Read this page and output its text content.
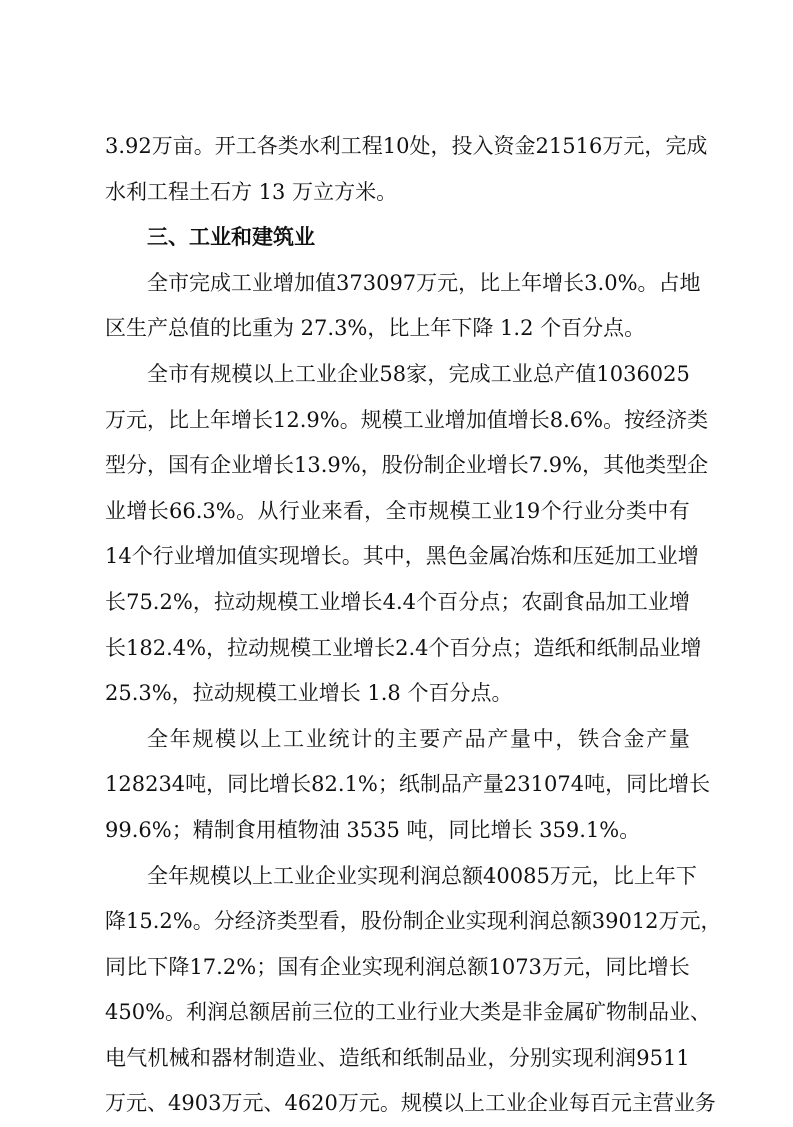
3.92 万 亩 。 开 工 各 类 水 利 工 程 10 处 ， 投 入 资 金 21516 万 元 ， 完 成
水利工程土石方 13 万立方米。
三、工业和建筑业
全 市 完 成 工 业 增 加 值 373097 万 元 ， 比 上 年 增 长 3.0% 。 占 地
区生产总值的比重为 27.3%，比上年下降 1.2 个百分点。
全 市 有 规 模 以 上 工 业 企 业 58 家 ， 完 成 工 业 总 产 值 1036025
万 元 ， 比 上 年 增 长 12.9% 。 规 模 工 业 增 加 值 增 长 8.6% 。 按 经 济 类
型 分 ， 国 有 企 业 增 长 13.9% ， 股 份 制 企 业 增 长 7.9% ， 其 他 类 型 企
业 增 长 66.3% 。 从 行 业 来 看 ， 全 市 规 模 工 业 19 个 行 业 分 类 中 有
14 个 行 业 增 加 值 实 现 增 长 。 其 中 ， 黑 色 金 属 冶 炼 和 压 延 加 工 业 增
长 75.2% ， 拉 动 规 模 工 业 增 长 4.4 个 百 分 点 ； 农 副 食 品 加 工 业 增
长 182.4% ， 拉 动 规 模 工 业 增 长 2.4 个 百 分 点 ； 造 纸 和 纸 制 品 业 增
25.3%，拉动规模工业增长 1.8 个百分点。
全 年 规 模 以 上 工 业 统 计 的 主 要 产 品 产 量 中 ， 铁 合 金 产 量
128234 吨 ， 同 比 增 长 82.1% ； 纸 制 品 产 量 231074 吨 ， 同 比 增 长
99.6%；精制食用植物油 3535 吨，同比增长 359.1%。
全 年 规 模 以 上 工 业 企 业 实 现 利 润 总 额 40085 万 元 ， 比 上 年 下
降 15.2% 。 分 经 济 类 型 看 ， 股 份 制 企 业 实 现 利 润 总 额 39012 万 元 ，
同 比 下 降 17.2% ； 国 有 企 业 实 现 利 润 总 额 1073 万 元 ， 同 比 增 长
450% 。 利 润 总 额 居 前 三 位 的 工 业 行 业 大 类 是 非 金 属 矿 物 制 品 业 、
电 气 机 械 和 器 材 制 造 业 、 造 纸 和 纸 制 品 业 ， 分 别 实 现 利 润 9511
万 元 、 4903 万 元 、 4620 万 元 。 规 模 以 上 工 业 企 业 每 百 元 主 营 业 务
